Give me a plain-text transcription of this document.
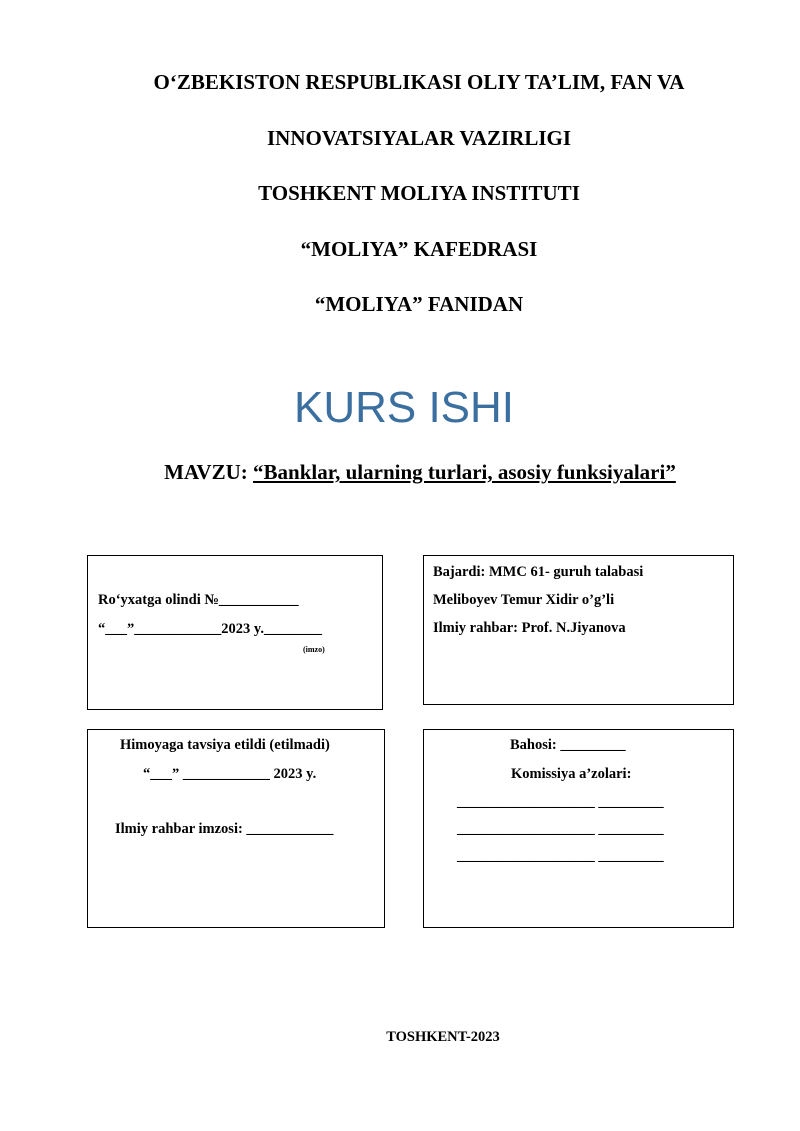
O‘ZBEKISTON RESPUBLIKASI OLIY TA’LIM, FAN VA
INNOVATSIYALAR VAZIRLIGI
TOSHKENT MOLIYA INSTITUTI
“MOLIYA” KAFEDRASI
“MOLIYA” FANIDAN
KURS ISHI
MAVZU: “Banklar, ularning turlari, asosiy funksiyalari”
Ro‘yxatga olindi №___________
“___”____________2023 y.________
(imzo)
Bajardi: MMC 61- guruh talabasi
Meliboyev Temur Xidir o’g’li
Ilmiy rahbar: Prof. N.Jiyanova
Himoyaga tavsiya etildi (etilmadi)
“___” ____________ 2023 y.
Ilmiy rahbar imzosi: ____________
Bahosi: _________
Komissiya a’zolari:
___________________ _________
___________________ _________
___________________ _________
TOSHKENT-2023
